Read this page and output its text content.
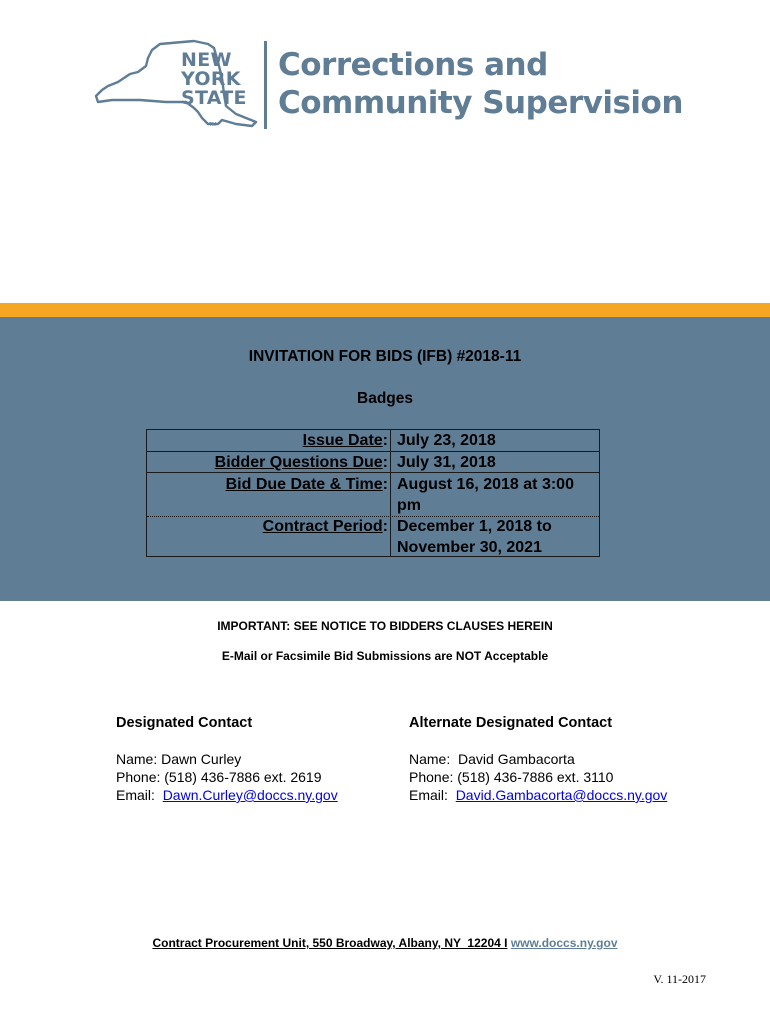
NEW
YORK
STATE
TM
Corrections and
Community Supervision
INVITATION FOR BIDS (IFB) #2018-11
Badges
Issue Date: July 23, 2018
Bidder Questions Due: July 31, 2018
Bid Due Date & Time: August 16, 2018 at 3:00 pm
Contract Period: December 1, 2018 to November 30, 2021
IMPORTANT: SEE NOTICE TO BIDDERS CLAUSES HEREIN
E-Mail or Facsimile Bid Submissions are NOT Acceptable
Designated Contact
Name: Dawn Curley
Phone: (518) 436-7886 ext. 2619
Email:  Dawn.Curley@doccs.ny.gov
Alternate Designated Contact
Name:  David Gambacorta
Phone: (518) 436-7886 ext. 3110
Email:  David.Gambacorta@doccs.ny.gov
Contract Procurement Unit, 550 Broadway, Albany, NY  12204 I www.doccs.ny.gov
V. 11-2017
